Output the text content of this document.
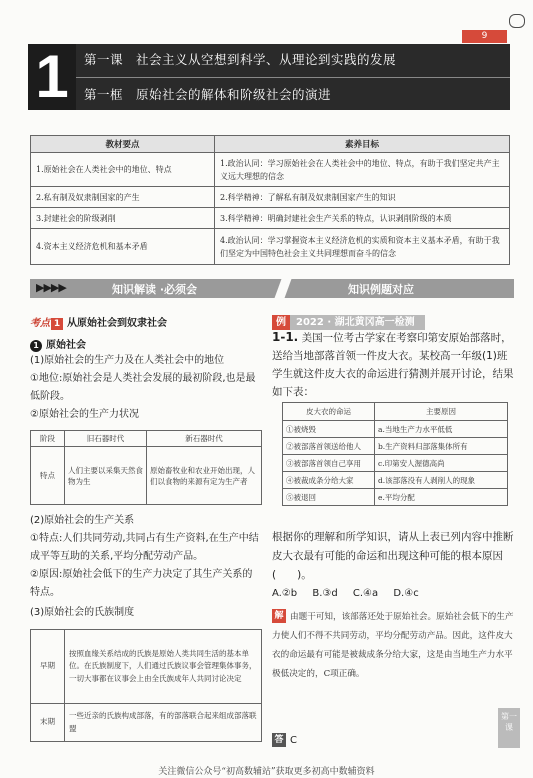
9
1	第一课　社会主义从空想到科学、从理论到实践的发展
第一框　原始社会的解体和阶级社会的演进
教材要点	素养目标
1.原始社会在人类社会中的地位、特点	1.政治认同：学习原始社会在人类社会中的地位、特点，有助于我们坚定共产主义远大理想的信念
2.私有制及奴隶制国家的产生	2.科学精神：了解私有制及奴隶制国家产生的知识
3.封建社会的阶级剥削	3.科学精神：明确封建社会生产关系的特点，认识剥削阶级的本质
4.资本主义经济危机和基本矛盾	4.政治认同：学习掌握资本主义经济危机的实质和资本主义基本矛盾，有助于我们坚定为中国特色社会主义共同理想而奋斗的信念
▶▶▶▶	知识解读 ·必须会	知识例题对应
考点 1 从原始社会到奴隶社会
1 原始社会
(1)原始社会的生产力及在人类社会中的地位
①地位:原始社会是人类社会发展的最初阶段,也是最低阶段。
②原始社会的生产力状况
阶段	旧石器时代	新石器时代
特点	人们主要以采集天然食物为生	原始畜牧业和农业开始出现，人们以食物的来源有定为生产者
(2)原始社会的生产关系
①特点:人们共同劳动,共同占有生产资料,在生产中结成平等互助的关系,平均分配劳动产品。
②原因:原始社会低下的生产力决定了其生产关系的特点。
(3)原始社会的氏族制度
早期	按照血缘关系结成的氏族是原始人类共同生活的基本单位。在氏族制度下，人们通过氏族议事会管理集体事务，一切大事都在议事会上由全氏族成年人共同讨论决定
末期	一些近亲的氏族构成部落，有的部落联合起来组成部落联盟
例 2022 · 湖北黄冈高一检测
1-1. 美国一位考古学家在考察印第安原始部落时，送给当地部落首领一件皮大衣。某校高一年级(1)班学生就这件皮大衣的命运进行猜测并展开讨论，结果如下表：
皮大衣的命运	主要原因
①被烧毁	a.当地生产力水平低低
②被部落首领送给他人	b.生产资料归部落集体所有
③被部落首领自己享用	c.印第安人渥德高尚
④被裁成条分给大家	d.该部落没有人剥削人的现象
⑤被退回	e.平均分配
根据你的理解和所学知识，请从上表已列内容中推断皮大衣最有可能的命运和出现这种可能的根本原因(　　)。
A.②b B.③d C.④a D.④c
解 由题干可知，该部落还处于原始社会。原始社会低下的生产力使人们不得不共同劳动，平均分配劳动产品。因此，这件皮大衣的命运最有可能是被裁成条分给大家，这是由当地生产力水平极低决定的，C项正确。
答 C
第一课
关注微信公众号“初高数辅站”获取更多初高中数辅资料
